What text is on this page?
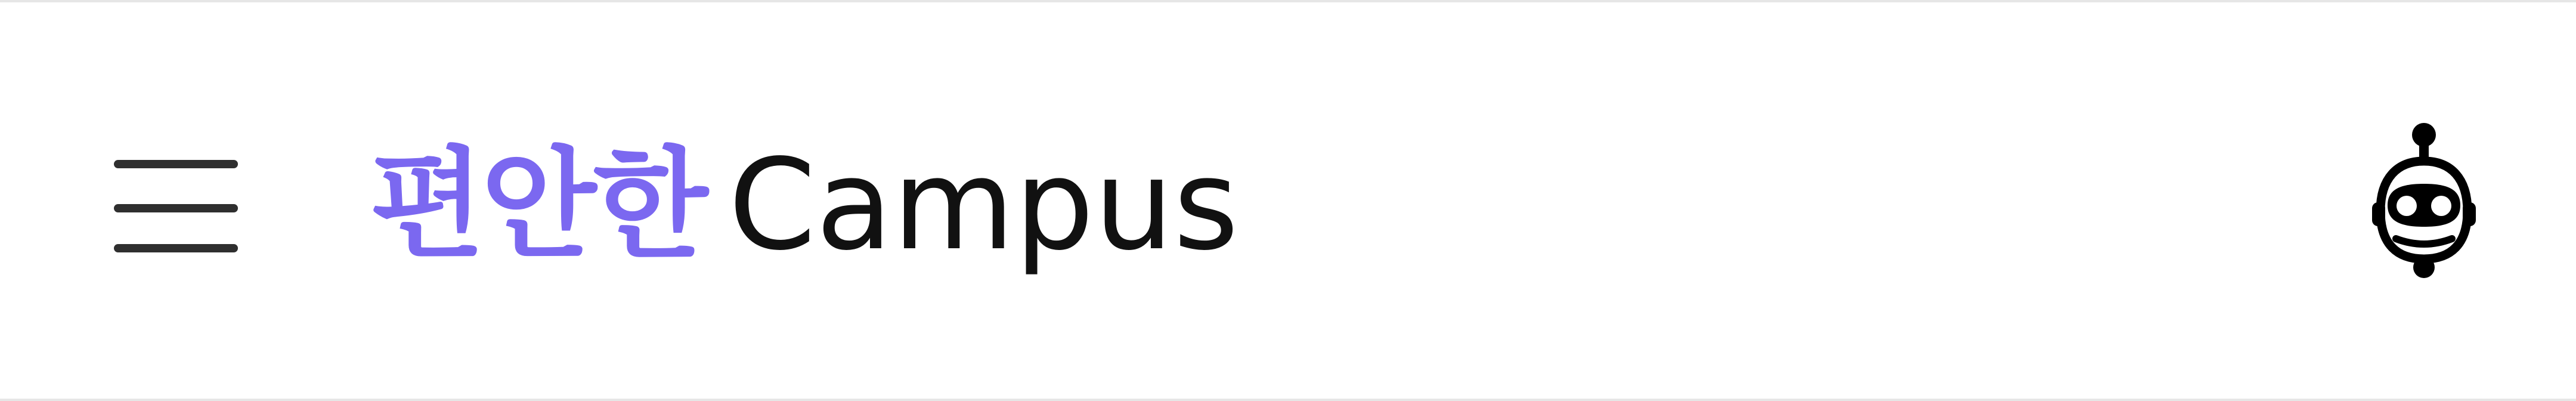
편안한 Campus
